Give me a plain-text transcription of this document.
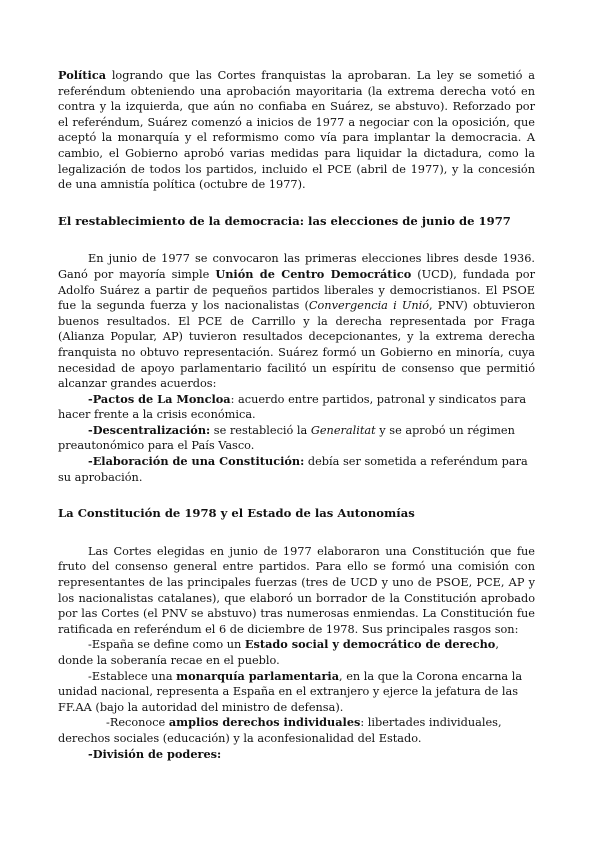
Política logrando que las Cortes franquistas la aprobaran. La ley se sometió a referéndum obteniendo una aprobación mayoritaria (la extrema derecha votó en contra y la izquierda, que aún no confiaba en Suárez, se abstuvo). Reforzado por el referéndum, Suárez comenzó a inicios de 1977 a negociar con la oposición, que aceptó la monarquía y el reformismo como vía para implantar la democracia. A cambio, el Gobierno aprobó varias medidas para liquidar la dictadura, como la legalización de todos los partidos, incluido el PCE (abril de 1977), y la concesión de una amnistía política (octubre de 1977).

El restablecimiento de la democracia: las elecciones de junio de 1977

En junio de 1977 se convocaron las primeras elecciones libres desde 1936. Ganó por mayoría simple Unión de Centro Democrático (UCD), fundada por Adolfo Suárez a partir de pequeños partidos liberales y democristianos. El PSOE fue la segunda fuerza y los nacionalistas (Convergencia i Unió, PNV) obtuvieron buenos resultados. El PCE de Carrillo y la derecha representada por Fraga (Alianza Popular, AP) tuvieron resultados decepcionantes, y la extrema derecha franquista no obtuvo representación. Suárez formó un Gobierno en minoría, cuya necesidad de apoyo parlamentario facilitó un espíritu de consenso que permitió alcanzar grandes acuerdos:

-Pactos de La Moncloa: acuerdo entre partidos, patronal y sindicatos para hacer frente a la crisis económica.

-Descentralización: se restableció la Generalitat y se aprobó un régimen preautonómico para el País Vasco.

-Elaboración de una Constitución: debía ser sometida a referéndum para su aprobación.

La Constitución de 1978 y el Estado de las Autonomías

Las Cortes elegidas en junio de 1977 elaboraron una Constitución que fue fruto del consenso general entre partidos. Para ello se formó una comisión con representantes de las principales fuerzas (tres de UCD y uno de PSOE, PCE, AP y los nacionalistas catalanes), que elaboró un borrador de la Constitución aprobado por las Cortes (el PNV se abstuvo) tras numerosas enmiendas. La Constitución fue ratificada en referéndum el 6 de diciembre de 1978. Sus principales rasgos son:

-España se define como un Estado social y democrático de derecho, donde la soberanía recae en el pueblo.

-Establece una monarquía parlamentaria, en la que la Corona encarna la unidad nacional, representa a España en el extranjero y ejerce la jefatura de las FF.AA (bajo la autoridad del ministro de defensa).

-Reconoce amplios derechos individuales: libertades individuales, derechos sociales (educación) y la aconfesionalidad del Estado.

-División de poderes:
